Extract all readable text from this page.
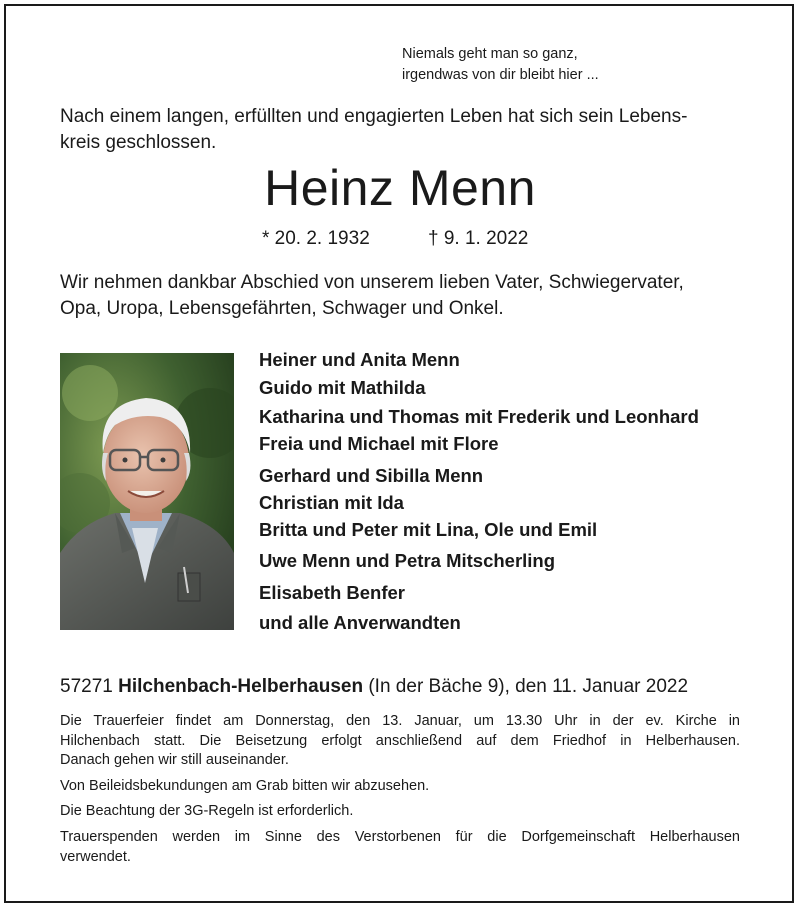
Niemals geht man so ganz,
irgendwas von dir bleibt hier ...
Nach einem langen, erfüllten und engagierten Leben hat sich sein Lebens-
kreis geschlossen.
Heinz Menn
* 20. 2. 1932	† 9. 1. 2022
Wir nehmen dankbar Abschied von unserem lieben Vater, Schwiegervater,
Opa, Uropa, Lebensgefährten, Schwager und Onkel.
Heiner und Anita Menn
Guido mit Mathilda
Katharina und Thomas mit Frederik und Leonhard
Freia und Michael mit Flore
Gerhard und Sibilla Menn
Christian mit Ida
Britta und Peter mit Lina, Ole und Emil
Uwe Menn und Petra Mitscherling
Elisabeth Benfer
und alle Anverwandten
57271 Hilchenbach-Helberhausen (In der Bäche 9), den 11. Januar 2022

Die Trauerfeier findet am Donnerstag, den 13. Januar, um 13.30 Uhr in der ev. Kirche in

Hilchenbach statt. Die Beisetzung erfolgt anschließend auf dem Friedhof in Helberhausen.

Danach gehen wir still auseinander.

Von Beileidsbekundungen am Grab bitten wir abzusehen.

Die Beachtung der 3G-Regeln ist erforderlich.

Trauerspenden werden im Sinne des Verstorbenen für die Dorfgemeinschaft Helberhausen

verwendet.
